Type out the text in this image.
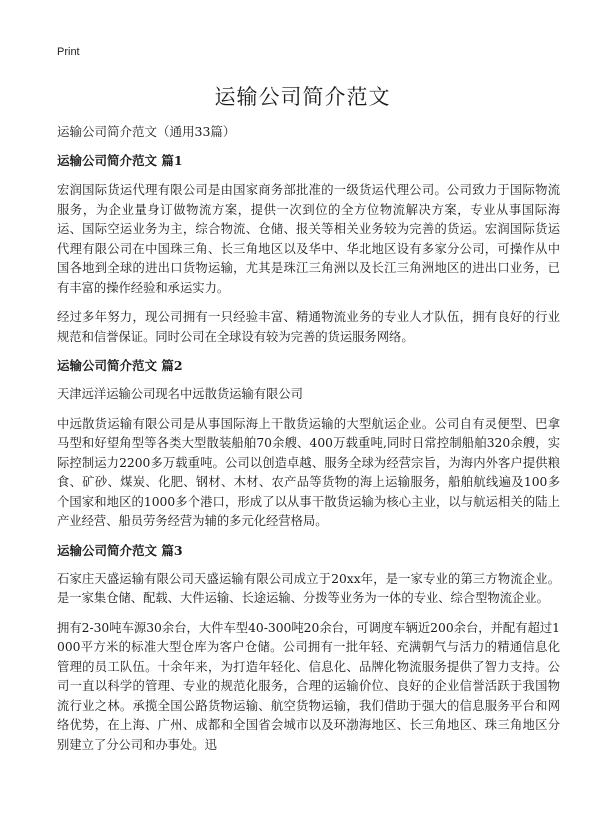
Print
运输公司简介范文
运输公司简介范文（通用33篇）
运输公司简介范文 篇1

宏润国际货运代理有限公司是由国家商务部批准的一级货运代理公司。公司致力于国际物流服务，为企业量身订做物流方案，提供一次到位的全方位物流解决方案，专业从事国际海运、国际空运业务为主，综合物流、仓储、报关等相关业务较为完善的货运。宏润国际货运代理有限公司在中国珠三角、长三角地区以及华中、华北地区设有多家分公司，可操作从中国各地到全球的进出口货物运输，尤其是珠江三角洲以及长江三角洲地区的进出口业务，已有丰富的操作经验和承运实力。

经过多年努力，现公司拥有一只经验丰富、精通物流业务的专业人才队伍，拥有良好的行业规范和信誉保证。同时公司在全球设有较为完善的货运服务网络。

运输公司简介范文 篇2

天津远洋运输公司现名中远散货运输有限公司

中远散货运输有限公司是从事国际海上干散货运输的大型航运企业。公司自有灵便型、巴拿马型和好望角型等各类大型散装船舶70余艘、400万载重吨,同时日常控制船舶320余艘，实际控制运力2200多万载重吨。公司以创造卓越、服务全球为经营宗旨，为海内外客户提供粮食、矿砂、煤炭、化肥、钢材、木材、农产品等货物的海上运输服务，船舶航线遍及100多个国家和地区的1000多个港口，形成了以从事干散货运输为核心主业，以与航运相关的陆上产业经营、船员劳务经营为辅的多元化经营格局。

运输公司简介范文 篇3

石家庄天盛运输有限公司天盛运输有限公司成立于20xx年，是一家专业的第三方物流企业。是一家集仓储、配载、大件运输、长途运输、分拨等业务为一体的专业、综合型物流企业。

拥有2-30吨车源30余台，大件车型40-300吨20余台，可调度车辆近200余台，并配有超过1000平方米的标准大型仓库为客户仓储。公司拥有一批年轻、充满朝气与活力的精通信息化管理的员工队伍。十余年来，为打造年轻化、信息化、品牌化物流服务提供了智力支持。公司一直以科学的管理、专业的规范化服务，合理的运输价位、良好的企业信誉活跃于我国物流行业之林。承揽全国公路货物运输、航空货物运输，我们借助于强大的信息服务平台和网络优势，在上海、广州、成都和全国省会城市以及环渤海地区、长三角地区、珠三角地区分别建立了分公司和办事处。迅
